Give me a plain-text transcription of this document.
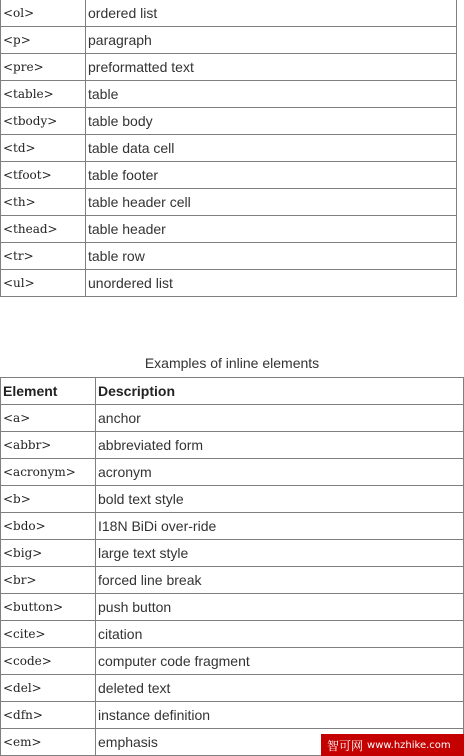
<ol>	ordered list
<p>	paragraph
<pre>	preformatted text
<table>	table
<tbody>	table body
<td>	table data cell
<tfoot>	table footer
<th>	table header cell
<thead>	table header
<tr>	table row
<ul>	unordered list
Examples of inline elements
Element	Description
<a>	anchor
<abbr>	abbreviated form
<acronym>	acronym
<b>	bold text style
<bdo>	I18N BiDi over-ride
<big>	large text style
<br>	forced line break
<button>	push button
<cite>	citation
<code>	computer code fragment
<del>	deleted text
<dfn>	instance definition
<em>	emphasis	智可网 www.hzhike.com
